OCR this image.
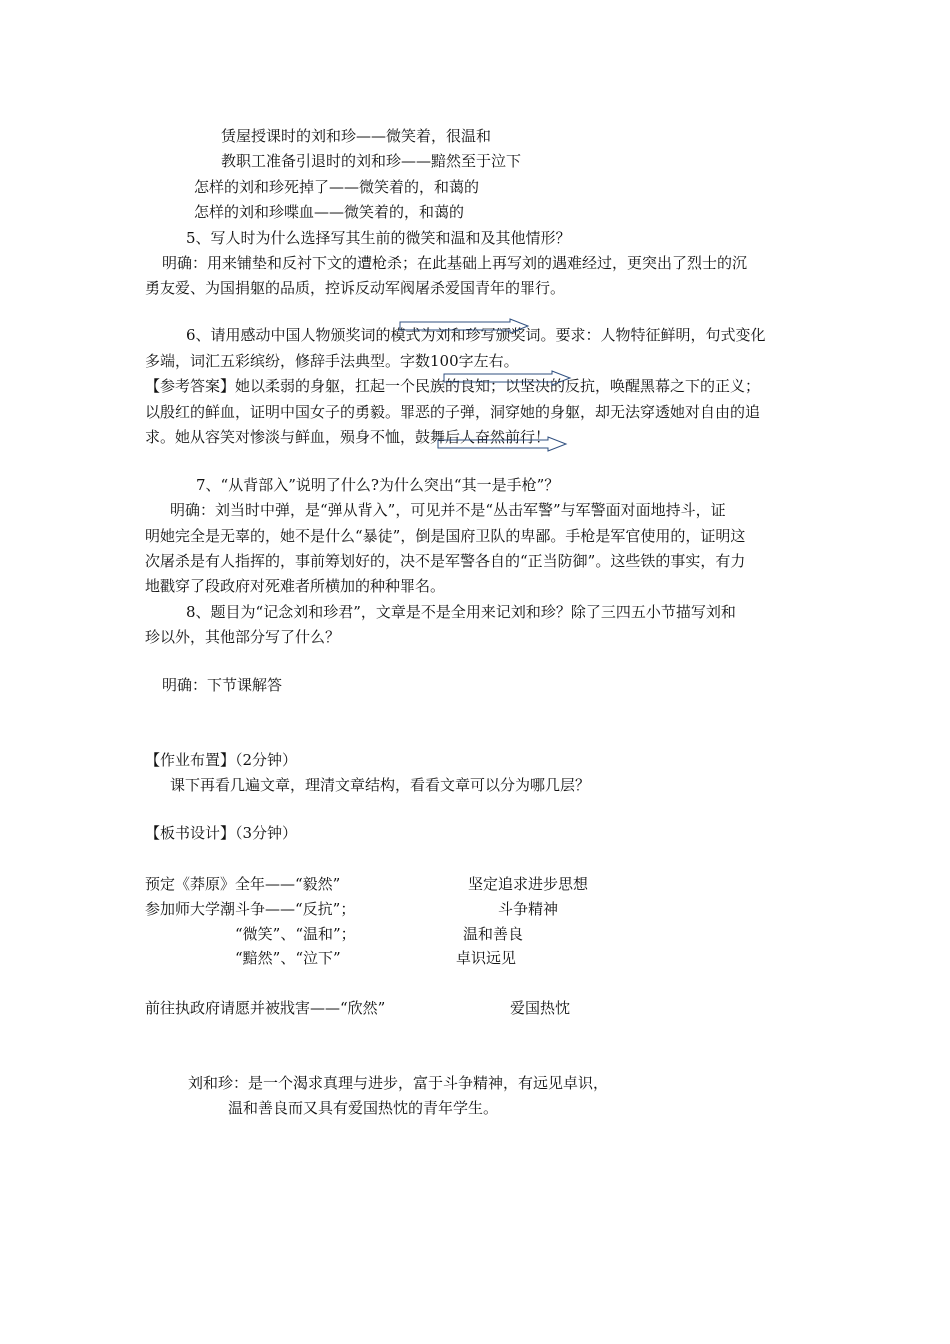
赁屋授课时的刘和珍——微笑着，很温和
教职工准备引退时的刘和珍——黯然至于泣下
怎样的刘和珍死掉了——微笑着的，和蔼的
怎样的刘和珍喋血——微笑着的，和蔼的
5、写人时为什么选择写其生前的微笑和温和及其他情形？
明确：用来铺垫和反衬下文的遭枪杀；在此基础上再写刘的遇难经过，更突出了烈士的沉
勇友爱、为国捐躯的品质，控诉反动军阀屠杀爱国青年的罪行。
6、请用感动中国人物颁奖词的模式为刘和珍写颁奖词。要求：人物特征鲜明，句式变化
多端，词汇五彩缤纷，修辞手法典型。字数100字左右。
【参考答案】她以柔弱的身躯，扛起一个民族的良知；以坚决的反抗，唤醒黑幕之下的正义；
以殷红的鲜血，证明中国女子的勇毅。罪恶的子弹，洞穿她的身躯，却无法穿透她对自由的追
求。她从容笑对惨淡与鲜血，殒身不恤，鼓舞后人奋然前行！
7、“从背部入”说明了什么?为什么突出“其一是手枪”？
明确：刘当时中弹，是“弹从背入”，可见并不是“丛击军警”与军警面对面地持斗，证
明她完全是无辜的，她不是什么“暴徒”，倒是国府卫队的卑鄙。手枪是军官使用的，证明这
次屠杀是有人指挥的，事前筹划好的，决不是军警各自的“正当防御”。这些铁的事实，有力
地戳穿了段政府对死难者所横加的种种罪名。
8、题目为“记念刘和珍君”，文章是不是全用来记刘和珍？除了三四五小节描写刘和
珍以外，其他部分写了什么？
明确：下节课解答
【作业布置】（2分钟）
课下再看几遍文章，理清文章结构，看看文章可以分为哪几层？
【板书设计】（3分钟）
预定《莽原》全年——“毅然”	坚定追求进步思想
参加师大学潮斗争——“反抗”；	斗争精神
“微笑”、“温和”；	温和善良
“黯然”、“泣下”	卓识远见
前往执政府请愿并被戕害——“欣然”	爱国热忱
刘和珍：是一个渴求真理与进步，富于斗争精神，有远见卓识，
温和善良而又具有爱国热忱的青年学生。
